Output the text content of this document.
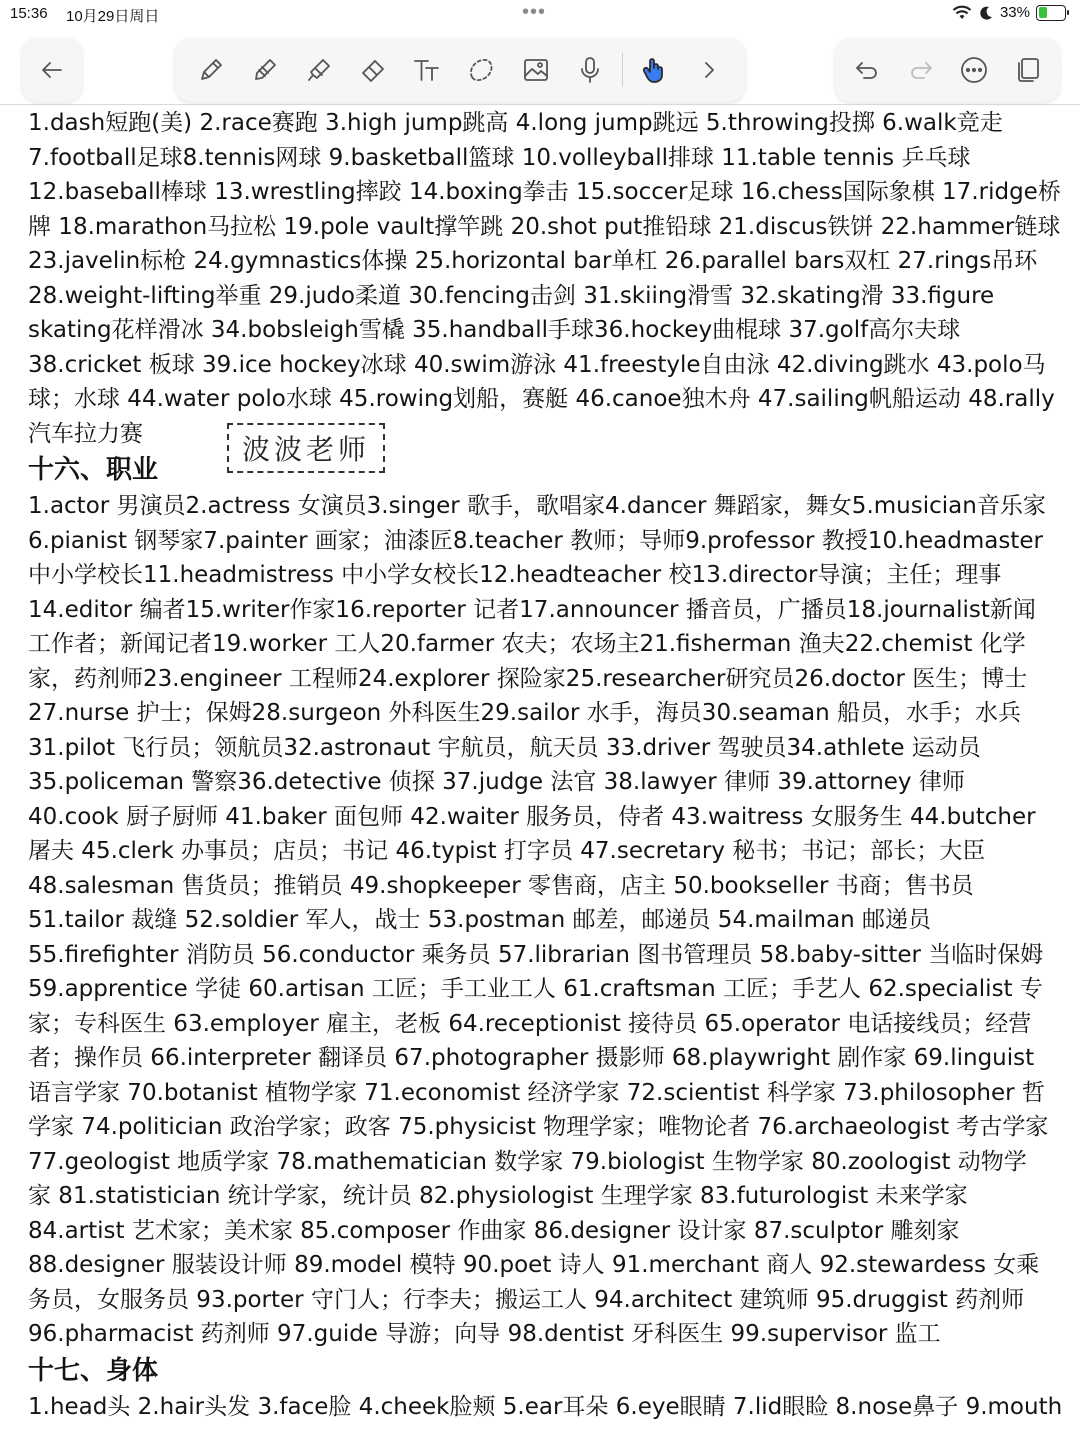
15:36 10月29日周日	•••	33%

1.dash短跑(美) 2.race赛跑 3.high jump跳高 4.long jump跳远 5.throwing投掷 6.walk竞走

7.football足球8.tennis网球 9.basketball篮球 10.volleyball排球 11.table tennis 乒乓球

12.baseball棒球 13.wrestling摔跤 14.boxing拳击 15.soccer足球 16.chess国际象棋 17.ridge桥

牌 18.marathon马拉松 19.pole vault撑竿跳 20.shot put推铅球 21.discus铁饼 22.hammer链球

23.javelin标枪 24.gymnastics体操 25.horizontal bar单杠 26.parallel bars双杠 27.rings吊环

28.weight-lifting举重 29.judo柔道 30.fencing击剑 31.skiing滑雪 32.skating滑 33.figure

skating花样滑冰 34.bobsleigh雪橇 35.handball手球36.hockey曲棍球 37.golf高尔夫球

38.cricket 板球 39.ice hockey冰球 40.swim游泳 41.freestyle自由泳 42.diving跳水 43.polo马

球；水球 44.water polo水球 45.rowing划船，赛艇 46.canoe独木舟 47.sailing帆船运动 48.rally

汽车拉力赛

十六、职业

1.actor 男演员2.actress 女演员3.singer 歌手，歌唱家4.dancer 舞蹈家，舞女5.musician音乐家

6.pianist 钢琴家7.painter 画家；油漆匠8.teacher 教师；导师9.professor 教授10.headmaster

中小学校长11.headmistress 中小学女校长12.headteacher 校13.director导演；主任；理事

14.editor 编者15.writer作家16.reporter 记者17.announcer 播音员，广播员18.journalist新闻

工作者；新闻记者19.worker 工人20.farmer 农夫；农场主21.fisherman 渔夫22.chemist 化学

家，药剂师23.engineer 工程师24.explorer 探险家25.researcher研究员26.doctor 医生；博士

27.nurse 护士；保姆28.surgeon 外科医生29.sailor 水手，海员30.seaman 船员，水手；水兵

31.pilot 飞行员；领航员32.astronaut 宇航员，航天员 33.driver 驾驶员34.athlete 运动员

35.policeman 警察36.detective 侦探 37.judge 法官 38.lawyer 律师 39.attorney 律师

40.cook 厨子厨师 41.baker 面包师 42.waiter 服务员，侍者 43.waitress 女服务生 44.butcher

屠夫 45.clerk 办事员；店员；书记 46.typist 打字员 47.secretary 秘书；书记；部长；大臣

48.salesman 售货员；推销员 49.shopkeeper 零售商，店主 50.bookseller 书商；售书员

51.tailor 裁缝 52.soldier 军人，战士 53.postman 邮差，邮递员 54.mailman 邮递员

55.firefighter 消防员 56.conductor 乘务员 57.librarian 图书管理员 58.baby-sitter 当临时保姆

59.apprentice 学徒 60.artisan 工匠；手工业工人 61.craftsman 工匠；手艺人 62.specialist 专

家；专科医生 63.employer 雇主，老板 64.receptionist 接待员 65.operator 电话接线员；经营

者；操作员 66.interpreter 翻译员 67.photographer 摄影师 68.playwright 剧作家 69.linguist

语言学家 70.botanist 植物学家 71.economist 经济学家 72.scientist 科学家 73.philosopher 哲

学家 74.politician 政治学家；政客 75.physicist 物理学家；唯物论者 76.archaeologist 考古学家

77.geologist 地质学家 78.mathematician 数学家 79.biologist 生物学家 80.zoologist 动物学

家 81.statistician 统计学家，统计员 82.physiologist 生理学家 83.futurologist 未来学家

84.artist 艺术家；美术家 85.composer 作曲家 86.designer 设计家 87.sculptor 雕刻家

88.designer 服装设计师 89.model 模特 90.poet 诗人 91.merchant 商人 92.stewardess 女乘

务员，女服务员 93.porter 守门人；行李夫；搬运工人 94.architect 建筑师 95.druggist 药剂师

96.pharmacist 药剂师 97.guide 导游；向导 98.dentist 牙科医生 99.supervisor 监工

十七、身体

1.head头 2.hair头发 3.face脸 4.cheek脸颊 5.ear耳朵 6.eye眼睛 7.lid眼睑 8.nose鼻子 9.mouth

波波老师
